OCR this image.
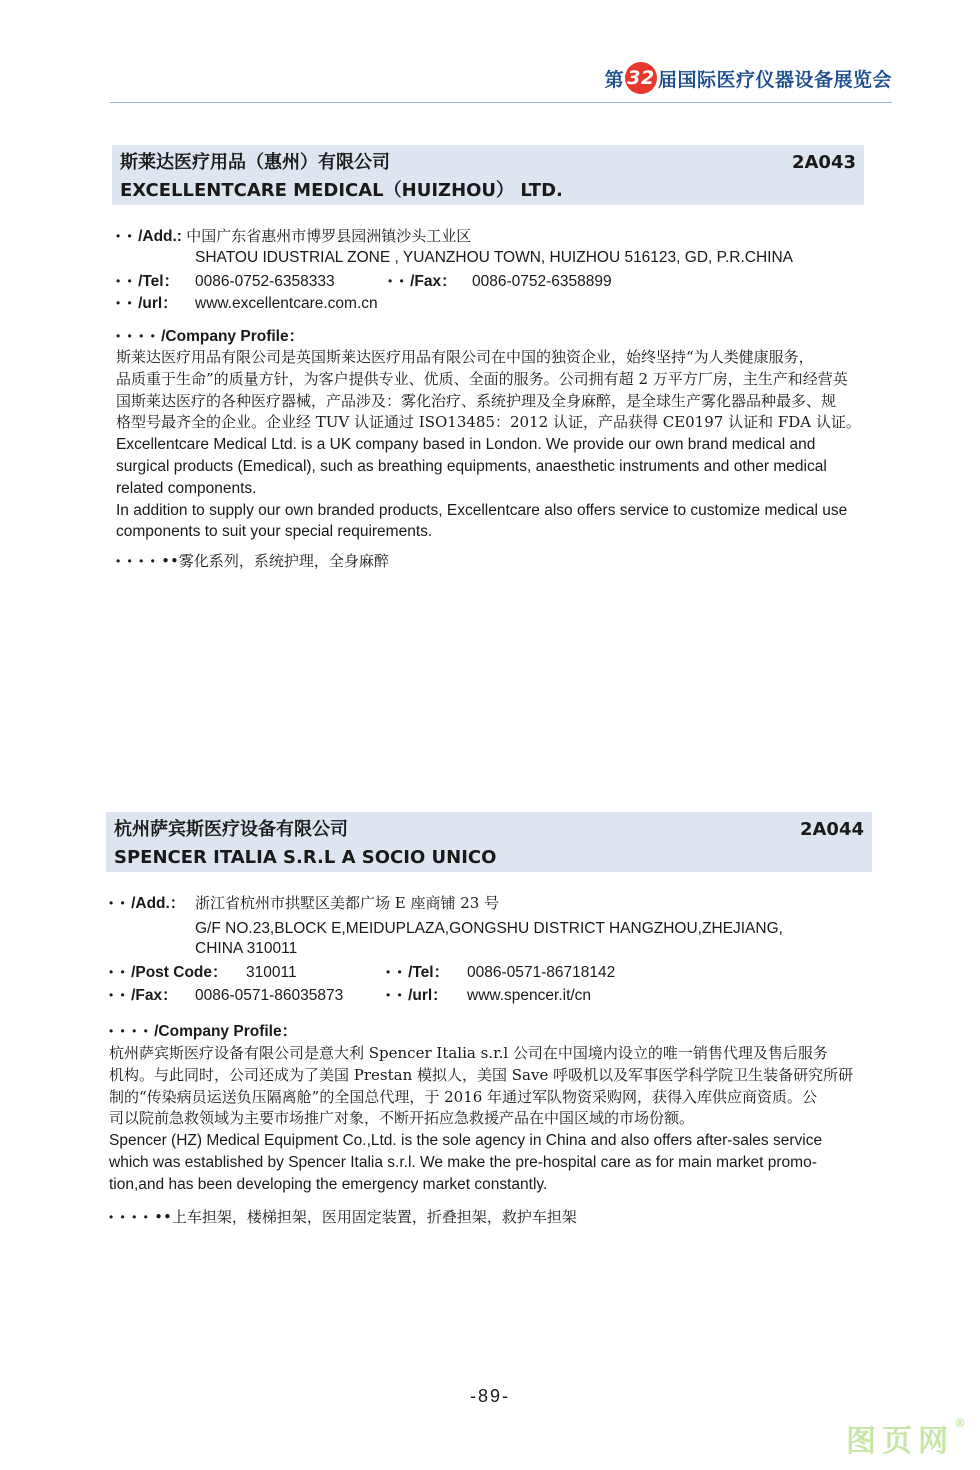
第 32 届国际医疗仪器设备展览会
斯莱达医疗用品（惠州）有限公司
EXCELLENTCARE MEDICAL（HUIZHOU） LTD.
2A043
• • /Add.: 中国广东省惠州市博罗县园洲镇沙头工业区
SHATOU IDUSTRIAL ZONE , YUANZHOU TOWN, HUIZHOU 516123, GD, P.R.CHINA
• • /Tel： 0086-0752-6358333	• • /Fax： 0086-0752-6358899
• • /url： www.excellentcare.com.cn
• • • • /Company Profile：
斯莱达医疗用品有限公司是英国斯莱达医疗用品有限公司在中国的独资企业，始终坚持“为人类健康服务，
品质重于生命”的质量方针，为客户提供专业、优质、全面的服务。公司拥有超 2 万平方厂房，主生产和经营英
国斯莱达医疗的各种医疗器械，产品涉及：雾化治疗、系统护理及全身麻醉，是全球生产雾化器品种最多、规
格型号最齐全的企业。企业经 TUV 认证通过 ISO13485：2012 认证，产品获得 CE0197 认证和 FDA 认证。
Excellentcare Medical Ltd. is a UK company based in London. We provide our own brand medical and
surgical products (Emedical), such as breathing equipments, anaesthetic instruments and other medical
related components.
In addition to supply our own branded products, Excellentcare also offers service to customize medical use
components to suit your special requirements.
• • • • ••雾化系列，系统护理，全身麻醉
杭州萨宾斯医疗设备有限公司
SPENCER ITALIA S.R.L A SOCIO UNICO
2A044
• • /Add.： 浙江省杭州市拱墅区美都广场 E 座商铺 23 号
G/F NO.23,BLOCK E,MEIDUPLAZA,GONGSHU DISTRICT HANGZHOU,ZHEJIANG,
CHINA 310011
• • /Post Code： 310011	• • /Tel： 0086-0571-86718142
• • /Fax： 0086-0571-86035873	• • /url： www.spencer.it/cn
• • • • /Company Profile：
杭州萨宾斯医疗设备有限公司是意大利 Spencer Italia s.r.l 公司在中国境内设立的唯一销售代理及售后服务
机构。与此同时，公司还成为了美国 Prestan 模拟人，美国 Save 呼吸机以及军事医学科学院卫生装备研究所研
制的“传染病员运送负压隔离舱”的全国总代理，于 2016 年通过军队物资采购网，获得入库供应商资质。公
司以院前急救领域为主要市场推广对象，不断开拓应急救援产品在中国区域的市场份额。
Spencer (HZ) Medical Equipment Co.,Ltd. is the sole agency in China and also offers after-sales service
which was established by Spencer Italia s.r.l. We make the pre-hospital care as for main market promo-
tion,and has been developing the emergency market constantly.
• • • • ••上车担架，楼梯担架，医用固定装置，折叠担架，救护车担架
-89-
图页网®
